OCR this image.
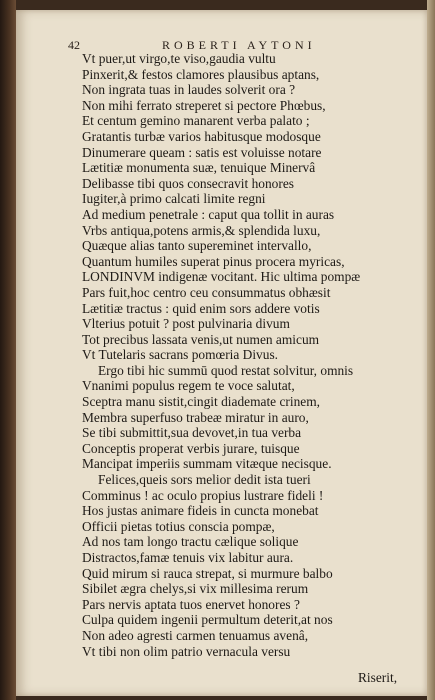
42	ROBERTI AYTONI
Vt puer,ut virgo,te viso,gaudia vultu
Pinxerit,& festos clamores plausibus aptans,
Non ingrata tuas in laudes solverit ora ?
Non mihi ferrato streperet si pectore Phœbus,
Et centum gemino manarent verba palato ;
Gratantis turbæ varios habitusque modosque
Dinumerare queam : satis est voluisse notare
Lætitiæ monumenta suæ, tenuique Minervâ
Delibasse tibi quos consecravit honores
Iugiter,à primo calcati limite regni
Ad medium penetrale : caput qua tollit in auras
Vrbs antiqua,potens armis,& splendida luxu,
Quæque alias tanto supereminet intervallo,
Quantum humiles superat pinus procera myricas,
LONDINVM indigenæ vocitant. Hic ultima pompæ
Pars fuit,hoc centro ceu consummatus obhæsit
Lætitiæ tractus : quid enim sors addere votis
Vlterius potuit ? post pulvinaria divum
Tot precibus lassata venis,ut numen amicum
Vt Tutelaris sacrans pomœria Divus.
Ergo tibi hic summū quod restat solvitur, omnis
Vnanimi populus regem te voce salutat,
Sceptra manu sistit,cingit diademate crinem,
Membra superfuso trabeæ miratur in auro,
Se tibi submittit,sua devovet,in tua verba
Conceptis properat verbis jurare, tuisque
Mancipat imperiis summam vitæque necisque.
Felices,queis sors melior dedit ista tueri
Comminus ! ac oculo propius lustrare fideli !
Hos justas animare fideis in cuncta monebat
Officii pietas totius conscia pompæ,
Ad nos tam longo tractu cælique solique
Distractos,famæ tenuis vix labitur aura.
Quid mirum si rauca strepat, si murmure balbo
Sibilet ægra chelys,si vix millesima rerum
Pars nervis aptata tuos enervet honores ?
Culpa quidem ingenii permultum deterit,at nos
Non adeo agresti carmen tenuamus avenâ,
Vt tibi non olim patrio vernacula versu
Riserit,
